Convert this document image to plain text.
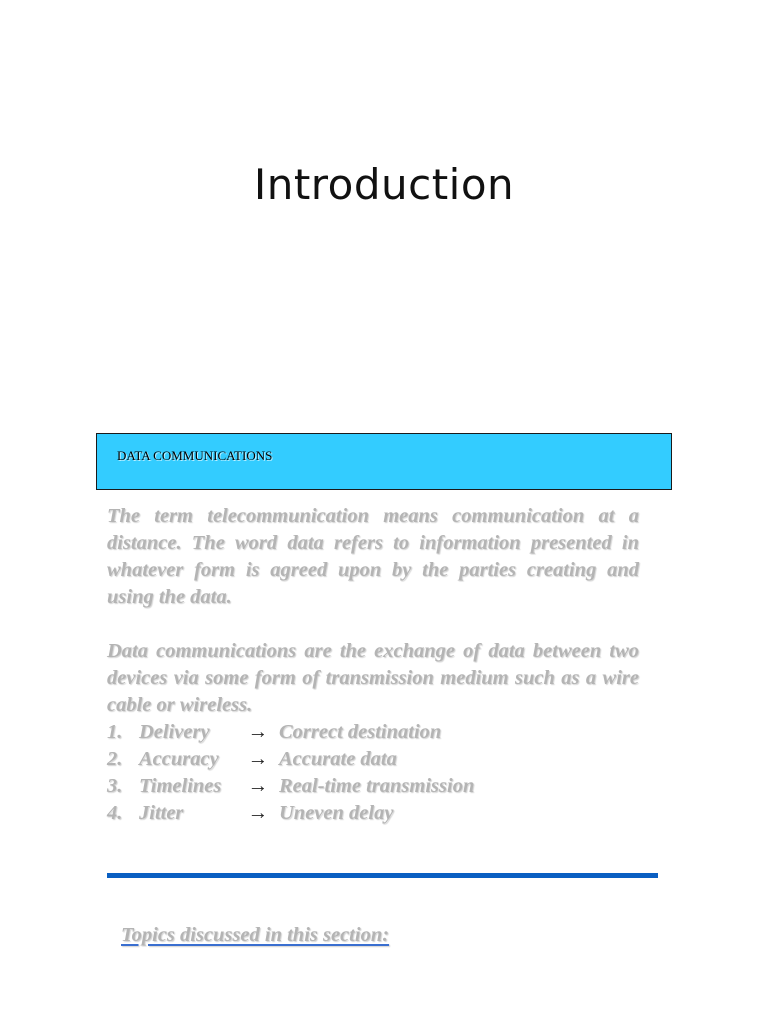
Introduction
DATA COMMUNICATIONS

The term telecommunication means communication at a distance. The word data refers to information presented in whatever form is agreed upon by the parties creating and using the data.

Data communications are the exchange of data between two devices via some form of transmission medium such as a wire cable or wireless.

1. Delivery	→ Correct destination
2. Accuracy	→ Accurate data
3. Timelines	→ Real-time transmission
4. Jitter	→ Uneven delay
Topics discussed in this section:
